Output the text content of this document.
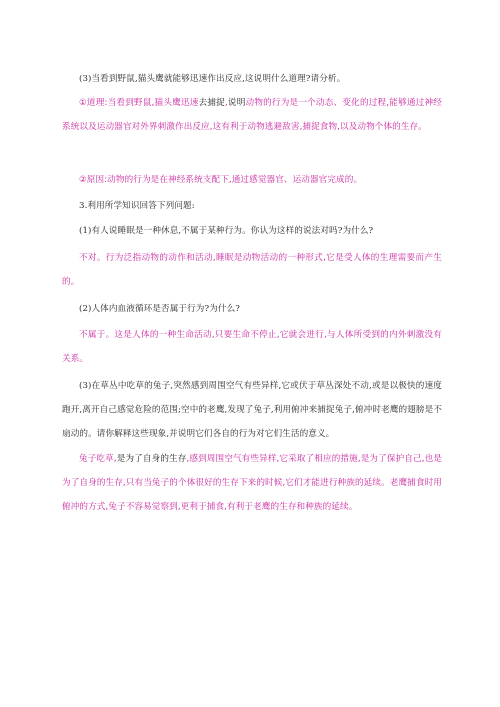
(3)当看到野鼠,猫头鹰就能够迅速作出反应,这说明什么道理?请分析。

①道理:当看到野鼠,猫头鹰迅速去捕捉,说明动物的行为是一个动态、变化的过程,能够通过神经系统以及运动器官对外界刺激作出反应,这有利于动物逃避敌害,捕捉食物,以及动物个体的生存。

②原因:动物的行为是在神经系统支配下,通过感觉器官、运动器官完成的。

3.利用所学知识回答下列问题:

(1)有人说睡眠是一种休息,不属于某种行为。你认为这样的说法对吗?为什么?

不对。行为泛指动物的动作和活动,睡眠是动物活动的一种形式,它是受人体的生理需要而产生的。

(2)人体内血液循环是否属于行为?为什么?

不属于。这是人体的一种生命活动,只要生命不停止,它就会进行,与人体所受到的内外刺激没有关系。

(3)在草丛中吃草的兔子,突然感到周围空气有些异样,它或伏于草丛深处不动,或是以极快的速度跑开,离开自己感觉危险的范围;空中的老鹰,发现了兔子,利用俯冲来捕捉兔子,俯冲时老鹰的翅膀是不扇动的。请你解释这些现象,并说明它们各自的行为对它们生活的意义。

兔子吃草,是为了自身的生存,感到周围空气有些异样,它采取了相应的措施,是为了保护自己,也是为了自身的生存,只有当兔子的个体很好的生存下来的时候,它们才能进行种族的延续。老鹰捕食时用俯冲的方式,兔子不容易觉察到,更利于捕食,有利于老鹰的生存和种族的延续。
